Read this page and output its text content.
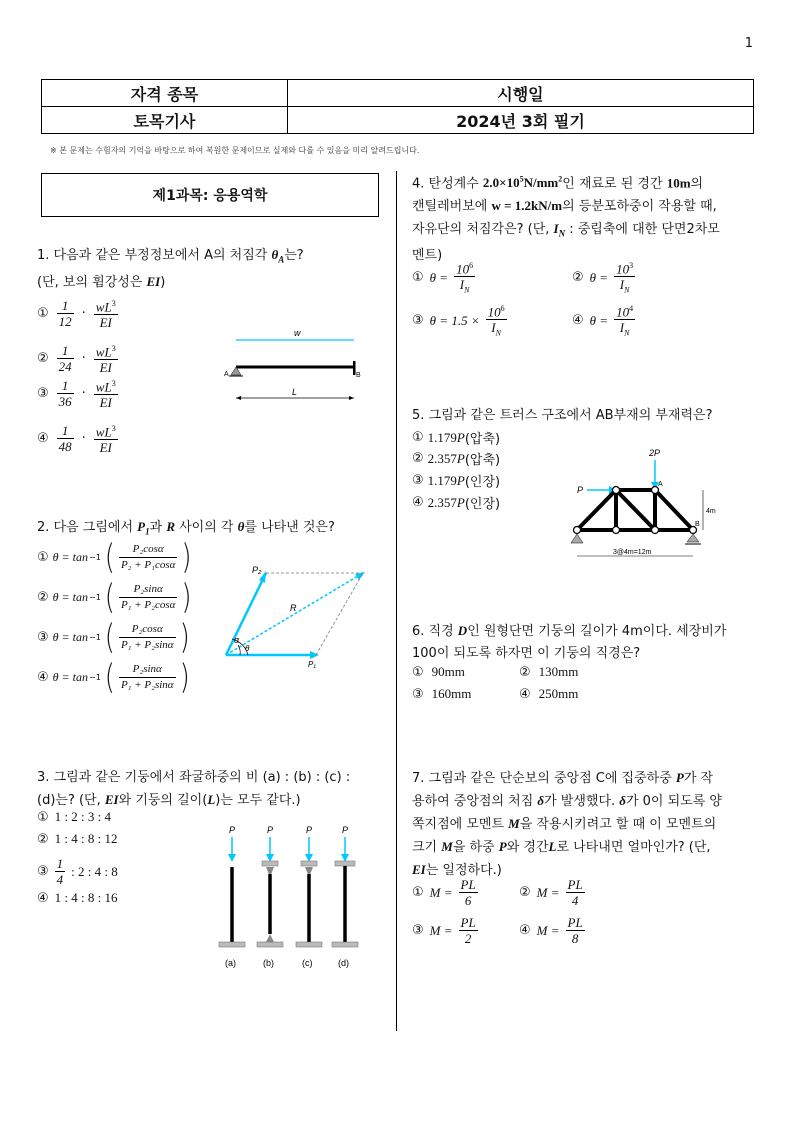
1
자격 종목	시행일
토목기사	2024년 3회 필기
※ 본 문제는 수험자의 기억을 바탕으로 하여 복원한 문제이므로 실제와 다를 수 있음을 미리 알려드립니다.
제1과목: 응용역학
1. 다음과 같은 부정정보에서 A의 처짐각 $\theta_A$는?
(단, 보의 휨강성은 EI)
① $\frac{1}{12} \cdot \frac{wL^3}{EI}$
② $\frac{1}{24} \cdot \frac{wL^3}{EI}$
③ $\frac{1}{36} \cdot \frac{wL^3}{EI}$
④ $\frac{1}{48} \cdot \frac{wL^3}{EI}$
w
A	B
L
2. 다음 그림에서 $P_1$과 R 사이의 각 θ를 나타낸 것은?
① θ = tan −1 ( $\frac{\text{P₂cosα}}{\text{P₂ + P₁cosα}}$ )
② θ = tan −1 ( $\frac{\text{P₂sinα}}{\text{P₁ + P₂cosα}}$ )
③ θ = tan −1 ( $\frac{\text{P₂cosα}}{\text{P₁ + P₂sinα}}$ )
④ θ = tan −1 ( $\frac{\text{P₂sinα}}{\text{P₁ + P₂sinα}}$ )
P₂
R
α
θ
P₁
3. 그림과 같은 기둥에서 좌굴하중의 비 (a) : (b) : (c) :
(d)는? (단, EI와 기둥의 길이(L)는 모두 같다.)
① 1 : 2 : 3 : 4
② 1 : 4 : 8 : 12
③ $\frac{1}{4}$ : 2 : 4 : 8
④ 1 : 4 : 8 : 16
P
(a)
P
(b)
P
(c)
P
(d)
4. 탄성계수 $2.0\times 10^5N/mm^2$인 재료로 된 경간 10m의
캔틸레버보에 w = 1.2kN/m의 등분포하중이 작용할 때,
자유단의 처짐각은? (단, $I_N$ : 중립축에 대한 단면2차모
멘트)
① $\theta = \frac{10^6}{I_N}$	② $\theta = \frac{10^3}{I_N}$
③ $\theta = 1.5 \times \frac{10^6}{I_N}$	④ $\theta = \frac{10^4}{I_N}$
5. 그림과 같은 트러스 구조에서 AB부재의 부재력은?
① 1.179 P (압축)
② 2.357 P (압축)
③ 1.179 P (인장)
④ 2.357 P (인장)
2P
P
A
B
4m
3@4m=12m
6. 직경 D인 원형단면 기둥의 길이가 4m이다. 세장비가
100이 되도록 하자면 이 기둥의 직경은?
① 90mm	② 130mm
③ 160mm	④ 250mm
7. 그림과 같은 단순보의 중앙점 C에 집중하중 P가 작
용하여 중앙점의 처짐 δ가 발생했다. δ가 0이 되도록 양
쪽지점에 모멘트 M을 작용시키려고 할 때 이 모멘트의
크기 M을 하중 P와 경간L로 나타내면 얼마인가? (단,
EI는 일정하다.)
① $M = \frac{PL}{6}$	② $M = \frac{PL}{4}$
③ $M = \frac{PL}{2}$	④ $M = \frac{PL}{8}$
